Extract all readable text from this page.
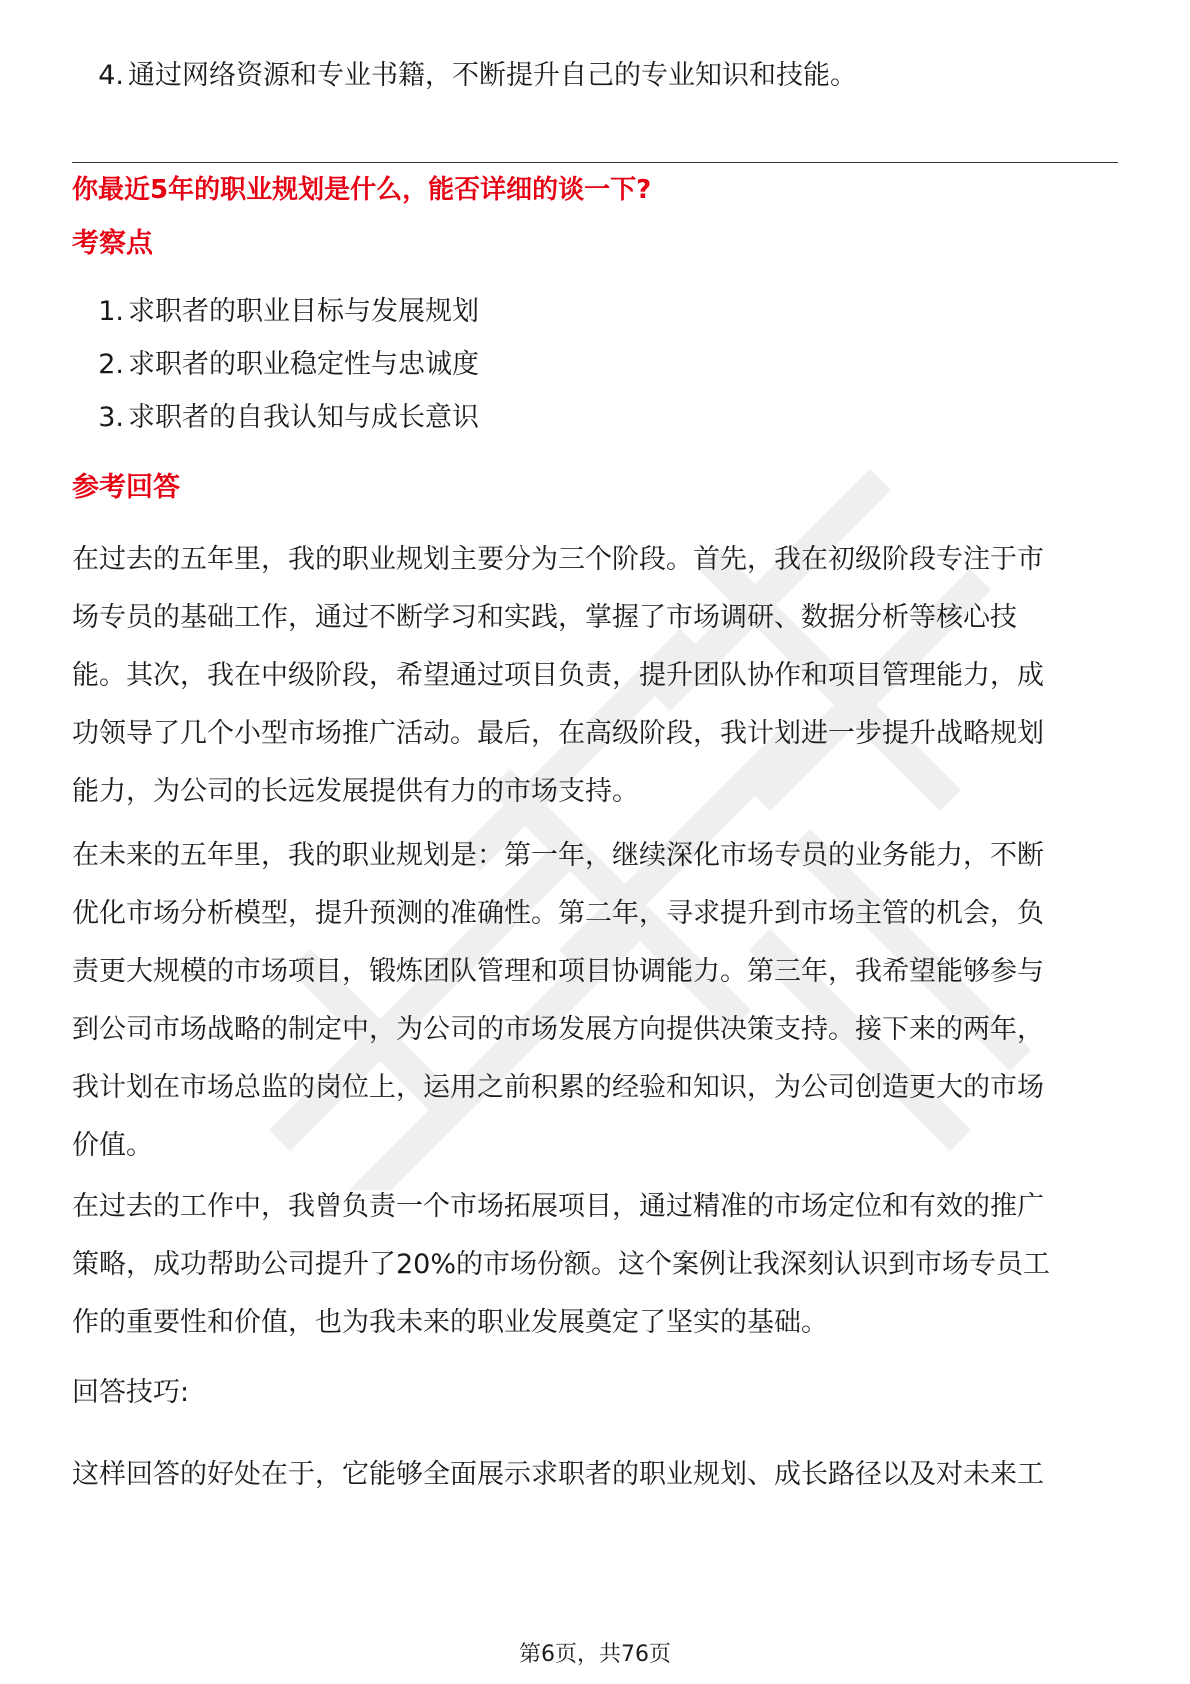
4. 通过网络资源和专业书籍，不断提升自己的专业知识和技能。
你最近5年的职业规划是什么，能否详细的谈一下?
考察点
1. 求职者的职业目标与发展规划
2. 求职者的职业稳定性与忠诚度
3. 求职者的自我认知与成长意识
参考回答
在过去的五年里，我的职业规划主要分为三个阶段。首先，我在初级阶段专注于市
场专员的基础工作，通过不断学习和实践，掌握了市场调研、数据分析等核心技
能。其次，我在中级阶段，希望通过项目负责，提升团队协作和项目管理能力，成
功领导了几个小型市场推广活动。最后，在高级阶段，我计划进一步提升战略规划
能力，为公司的长远发展提供有力的市场支持。
在未来的五年里，我的职业规划是：第一年，继续深化市场专员的业务能力，不断
优化市场分析模型，提升预测的准确性。第二年，寻求提升到市场主管的机会，负
责更大规模的市场项目，锻炼团队管理和项目协调能力。第三年，我希望能够参与
到公司市场战略的制定中，为公司的市场发展方向提供决策支持。接下来的两年，
我计划在市场总监的岗位上，运用之前积累的经验和知识，为公司创造更大的市场
价值。
在过去的工作中，我曾负责一个市场拓展项目，通过精准的市场定位和有效的推广
策略，成功帮助公司提升了20%的市场份额。这个案例让我深刻认识到市场专员工
作的重要性和价值，也为我未来的职业发展奠定了坚实的基础。
回答技巧:
这样回答的好处在于，它能够全面展示求职者的职业规划、成长路径以及对未来工
第6页，共76页
